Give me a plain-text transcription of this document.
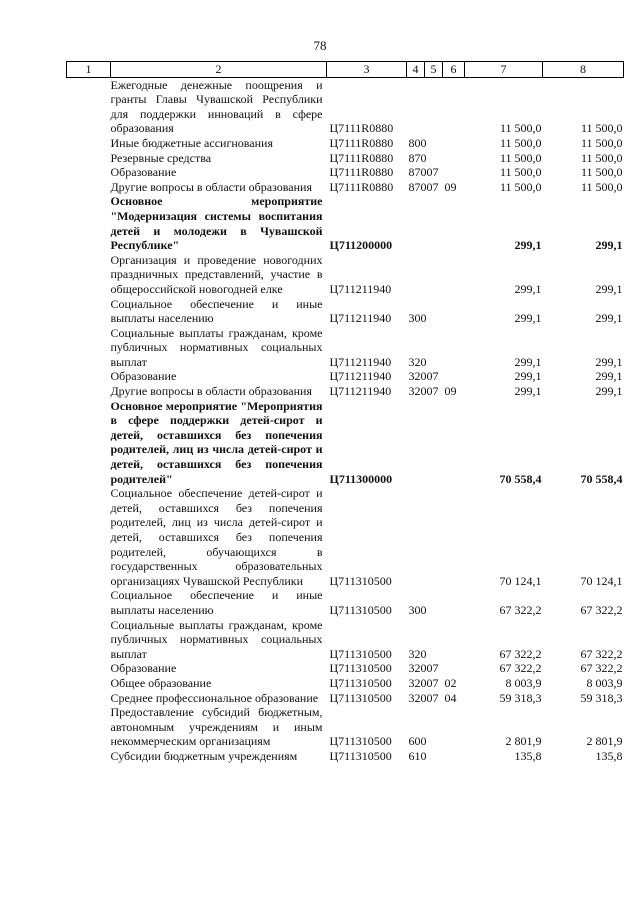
78
1	2	3	4	5	6	7	8
	Ежегодные денежные поощрения и гранты Главы Чувашской Республики для поддержки инноваций в сфере образования	Ц7111R0880				11 500,0	11 500,0
	Иные бюджетные ассигнования	Ц7111R0880	800			11 500,0	11 500,0
	Резервные средства	Ц7111R0880	870			11 500,0	11 500,0
	Образование	Ц7111R0880	870	07		11 500,0	11 500,0
	Другие вопросы в области образования	Ц7111R0880	870	07	09	11 500,0	11 500,0
	Основное мероприятие "Модернизация системы воспитания детей и молодежи в Чувашской Республике"	Ц711200000				299,1	299,1
	Организация и проведение новогодних праздничных представлений, участие в общероссийской новогодней елке	Ц711211940				299,1	299,1
	Социальное обеспечение и иные выплаты населению	Ц711211940	300			299,1	299,1
	Социальные выплаты гражданам, кроме публичных нормативных социальных выплат	Ц711211940	320			299,1	299,1
	Образование	Ц711211940	320	07		299,1	299,1
	Другие вопросы в области образования	Ц711211940	320	07	09	299,1	299,1
	Основное мероприятие "Мероприятия в сфере поддержки детей-сирот и детей, оставшихся без попечения родителей, лиц из числа детей-сирот и детей, оставшихся без попечения родителей"	Ц711300000				70 558,4	70 558,4
	Социальное обеспечение детей-сирот и детей, оставшихся без попечения родителей, лиц из числа детей-сирот и детей, оставшихся без попечения родителей, обучающихся в государственных образовательных организациях Чувашской Республики	Ц711310500				70 124,1	70 124,1
	Социальное обеспечение и иные выплаты населению	Ц711310500	300			67 322,2	67 322,2
	Социальные выплаты гражданам, кроме публичных нормативных социальных выплат	Ц711310500	320			67 322,2	67 322,2
	Образование	Ц711310500	320	07		67 322,2	67 322,2
	Общее образование	Ц711310500	320	07	02	8 003,9	8 003,9
	Среднее профессиональное образование	Ц711310500	320	07	04	59 318,3	59 318,3
	Предоставление субсидий бюджетным, автономным учреждениям и иным некоммерческим организациям	Ц711310500	600			2 801,9	2 801,9
	Субсидии бюджетным учреждениям	Ц711310500	610			135,8	135,8
